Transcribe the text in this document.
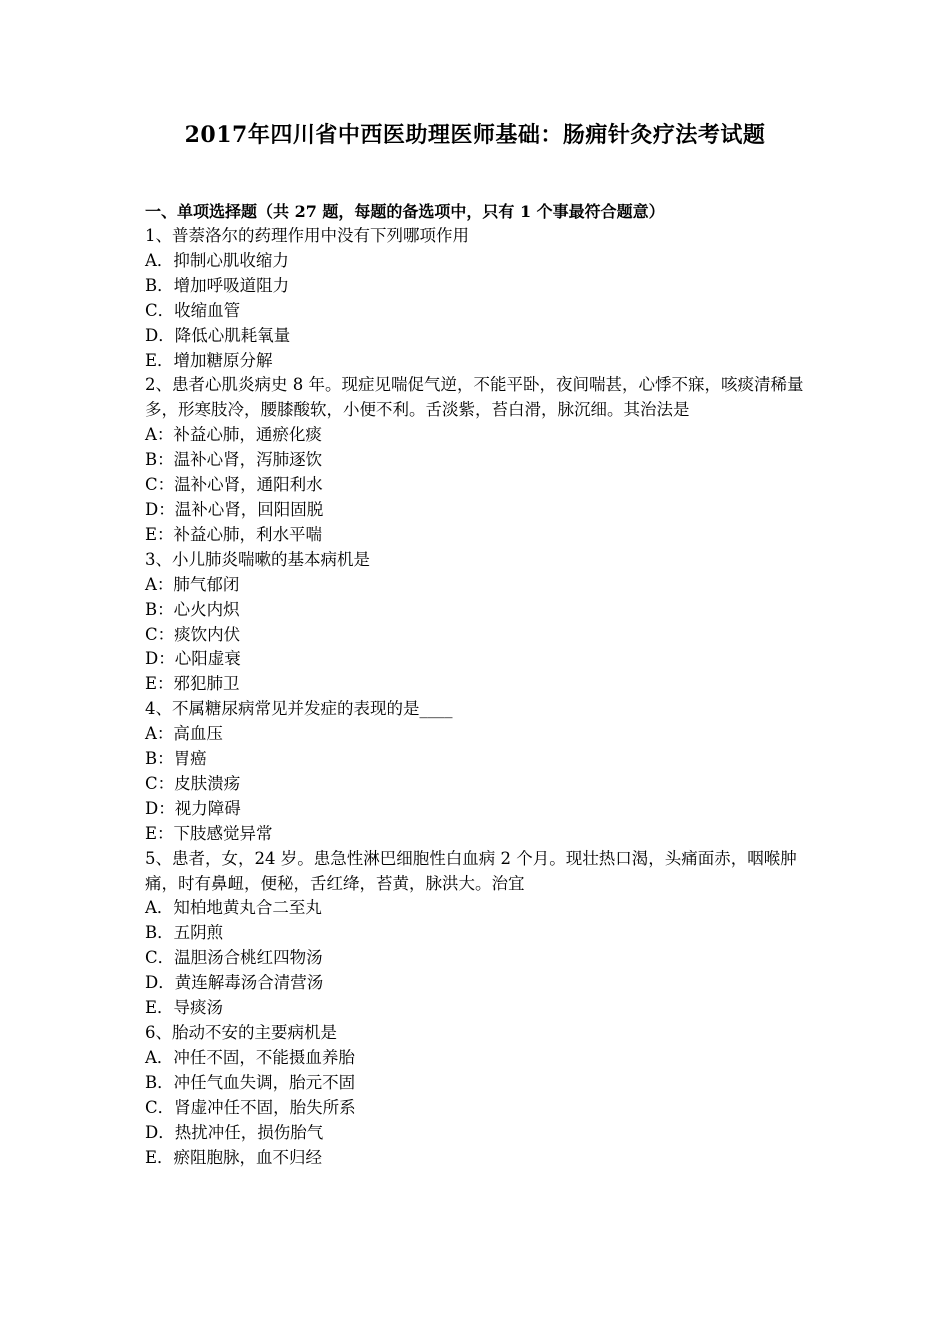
2017年四川省中西医助理医师基础：肠痈针灸疗法考试题
一、单项选择题（共 27 题，每题的备选项中，只有 1 个事最符合题意）
1、普萘洛尔的药理作用中没有下列哪项作用
A．抑制心肌收缩力
B．增加呼吸道阻力
C．收缩血管
D．降低心肌耗氧量
E．增加糖原分解
2、患者心肌炎病史 8 年。现症见喘促气逆，不能平卧，夜间喘甚，心悸不寐，咳痰清稀量多，形寒肢冷，腰膝酸软，小便不利。舌淡紫，苔白滑，脉沉细。其治法是
A：补益心肺，通瘀化痰
B：温补心肾，泻肺逐饮
C：温补心肾，通阳利水
D：温补心肾，回阳固脱
E：补益心肺，利水平喘
3、小儿肺炎喘嗽的基本病机是
A：肺气郁闭
B：心火内炽
C：痰饮内伏
D：心阳虚衰
E：邪犯肺卫
4、不属糖尿病常见并发症的表现的是____
A：高血压
B：胃癌
C：皮肤溃疡
D：视力障碍
E：下肢感觉异常
5、患者，女，24 岁。患急性淋巴细胞性白血病 2 个月。现壮热口渴，头痛面赤，咽喉肿痛，时有鼻衄，便秘，舌红绛，苔黄，脉洪大。治宜
A．知柏地黄丸合二至丸
B．五阴煎
C．温胆汤合桃红四物汤
D．黄连解毒汤合清营汤
E．导痰汤
6、胎动不安的主要病机是
A．冲任不固，不能摄血养胎
B．冲任气血失调，胎元不固
C．肾虚冲任不固，胎失所系
D．热扰冲任，损伤胎气
E．瘀阻胞脉，血不归经
